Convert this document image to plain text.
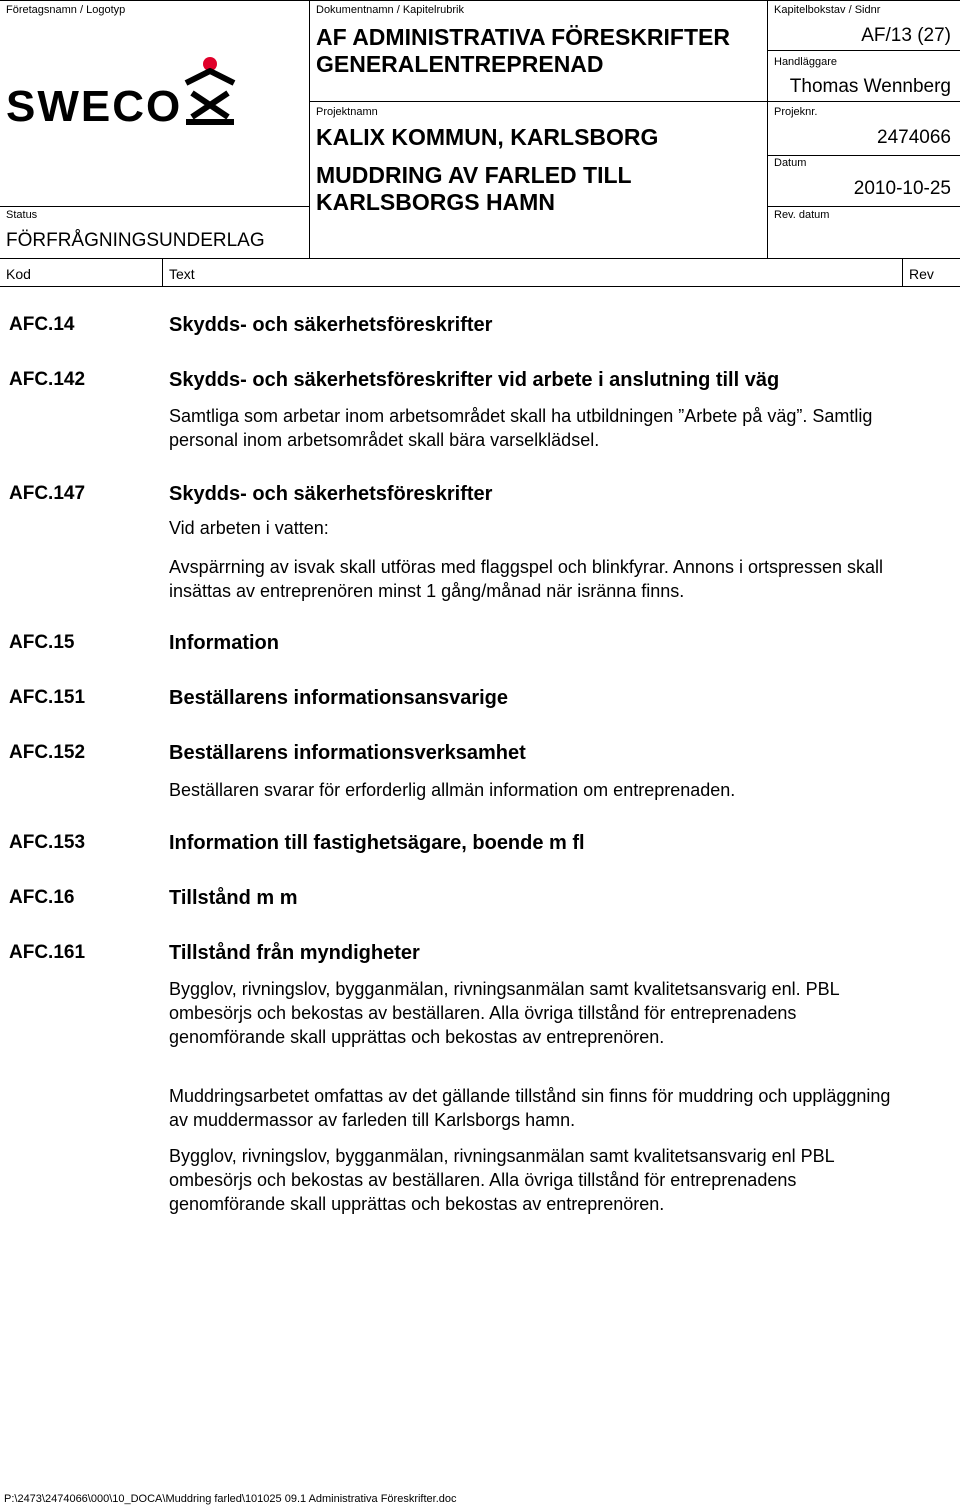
Företagsnamn / Logotyp
SWECO
Dokumentnamn / Kapitelrubrik
AF ADMINISTRATIVA FÖRESKRIFTER GENERALENTREPRENAD
Kapitelbokstav / Sidnr
AF/13 (27)
Handläggare
Thomas Wennberg
Projektnamn
KALIX KOMMUN, KARLSBORG
MUDDRING AV FARLED TILL KARLSBORGS HAMN
Projeknr.
2474066
Datum
2010-10-25
Rev. datum
Status
FÖRFRÅGNINGSUNDERLAG
Kod	Text	Rev
AFC.14	Skydds- och säkerhetsföreskrifter
AFC.142	Skydds- och säkerhetsföreskrifter vid arbete i anslutning till väg
Samtliga som arbetar inom arbetsområdet skall ha utbildningen ”Arbete på väg”. Samtlig personal inom arbetsområdet skall bära varselklädsel.
AFC.147	Skydds- och säkerhetsföreskrifter
Vid arbeten i vatten:
Avspärrning av isvak skall utföras med flaggspel och blinkfyrar. Annons i ortspressen skall insättas av entreprenören minst 1 gång/månad när isränna finns.
AFC.15	Information
AFC.151	Beställarens informationsansvarige
AFC.152	Beställarens informationsverksamhet
Beställaren svarar för erforderlig allmän information om entreprenaden.
AFC.153	Information till fastighetsägare, boende m fl
AFC.16	Tillstånd m m
AFC.161	Tillstånd från myndigheter
Bygglov, rivningslov, bygganmälan, rivningsanmälan samt kvalitetsansvarig enl. PBL ombesörjs och bekostas av beställaren. Alla övriga tillstånd för entreprenadens genomförande skall upprättas och bekostas av entreprenören.
Muddringsarbetet omfattas av det gällande tillstånd sin finns för muddring och uppläggning av muddermassor av farleden till Karlsborgs hamn.
Bygglov, rivningslov, bygganmälan, rivningsanmälan samt kvalitetsansvarig enl PBL ombesörjs och bekostas av beställaren. Alla övriga tillstånd för entreprenadens genomförande skall upprättas och bekostas av entreprenören.
P:\2473\2474066\000\10_DOCA\Muddring farled\101025 09.1 Administrativa Föreskrifter.doc
